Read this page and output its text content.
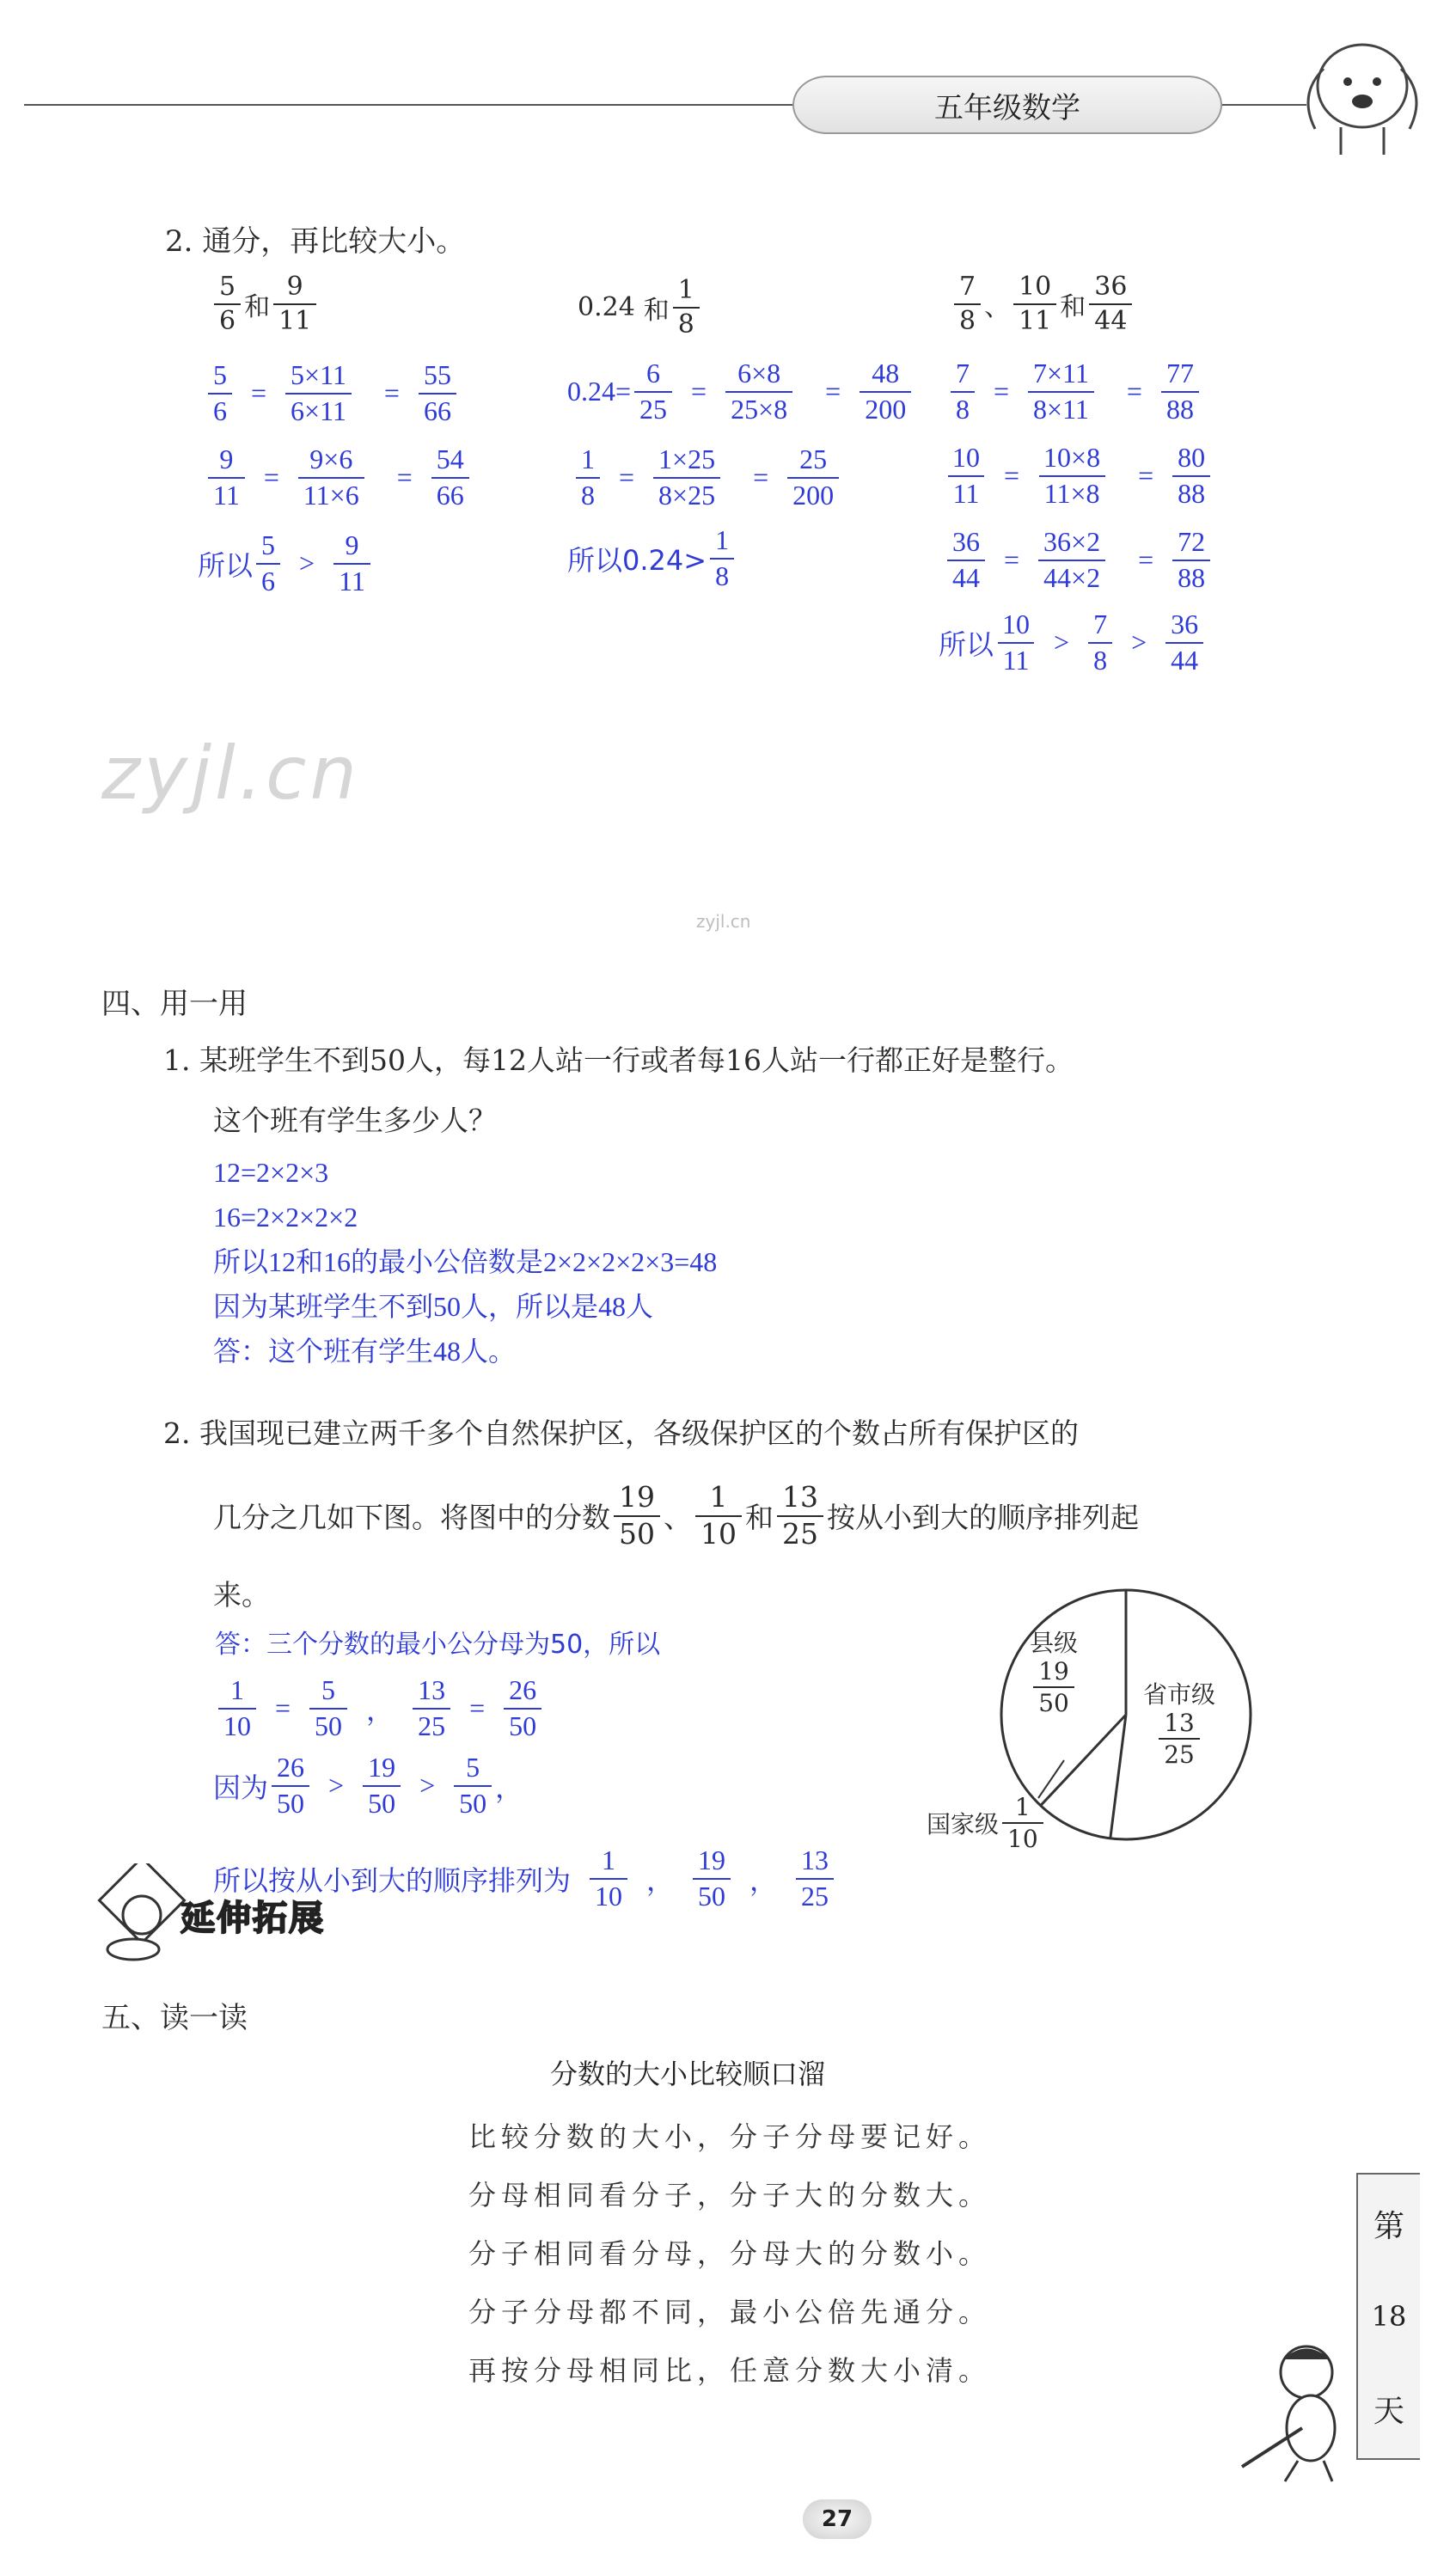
五年级数学
2. 通分，再比较大小。
$\frac{5}{6}$ 和 $\frac{9}{11}$
$\frac{5}{6} = \frac{5\times 11}{6\times 11} = \frac{55}{66}$
$\frac{9}{11} = \frac{9\times 6}{11\times 6} = \frac{54}{66}$
所以 $\frac{5}{6} > \frac{9}{11}$
0.24 和 $\frac{1}{8}$
$0.24= \frac{6}{25} = \frac{6\times 8}{25\times 8} = \frac{48}{200}$
$\frac{1}{8} = \frac{1\times 25}{8\times 25} = \frac{25}{200}$
所以$0.24> \frac{1}{8}$
$\frac{7}{8}$ 、 $\frac{10}{11}$ 和 $\frac{36}{44}$
$\frac{7}{8} = \frac{7\times 11}{8\times 11} = \frac{77}{88}$
$\frac{10}{11} = \frac{10\times 8}{11\times 8} = \frac{80}{88}$
$\frac{36}{44} = \frac{36\times 2}{44\times 2} = \frac{72}{88}$
所以 $\frac{10}{11} > \frac{7}{8} > \frac{36}{44}$
zyjl.cn
zyjl.cn
四、用一用
1. 某班学生不到50人，每12人站一行或者每16人站一行都正好是整行。
这个班有学生多少人？
12=2×2×3
16=2×2×2×2
所以12和16的最小公倍数是2×2×2×2×3=48
因为某班学生不到50人，所以是48人
答：这个班有学生48人。
2. 我国现已建立两千多个自然保护区，各级保护区的个数占所有保护区的
几分之几如下图。将图中的分数 $\frac{19}{50}$ 、 $\frac{1}{10}$ 和 $\frac{13}{25}$ 按从小到大的顺序排列起
来。
答：三个分数的最小公分母为50，所以
$\frac{1}{10} = \frac{5}{50}$ ， $\frac{13}{25} = \frac{26}{50}$
因为 $\frac{26}{50} > \frac{19}{50} > \frac{5}{50}$ ，
所以按从小到大的顺序排列为 $\frac{1}{10}$ ， $\frac{19}{50}$ ， $\frac{13}{25}$
县级
$\frac{19}{50}$	省市级
$\frac{13}{25}$
国家级 $\frac{1}{10}$
延伸拓展
五、读一读
分数的大小比较顺口溜
比较分数的大小，分子分母要记好。
分母相同看分子，分子大的分数大。
分子相同看分母，分母大的分数小。
分子分母都不同，最小公倍先通分。
再按分母相同比，任意分数大小清。
第
18
天
27
